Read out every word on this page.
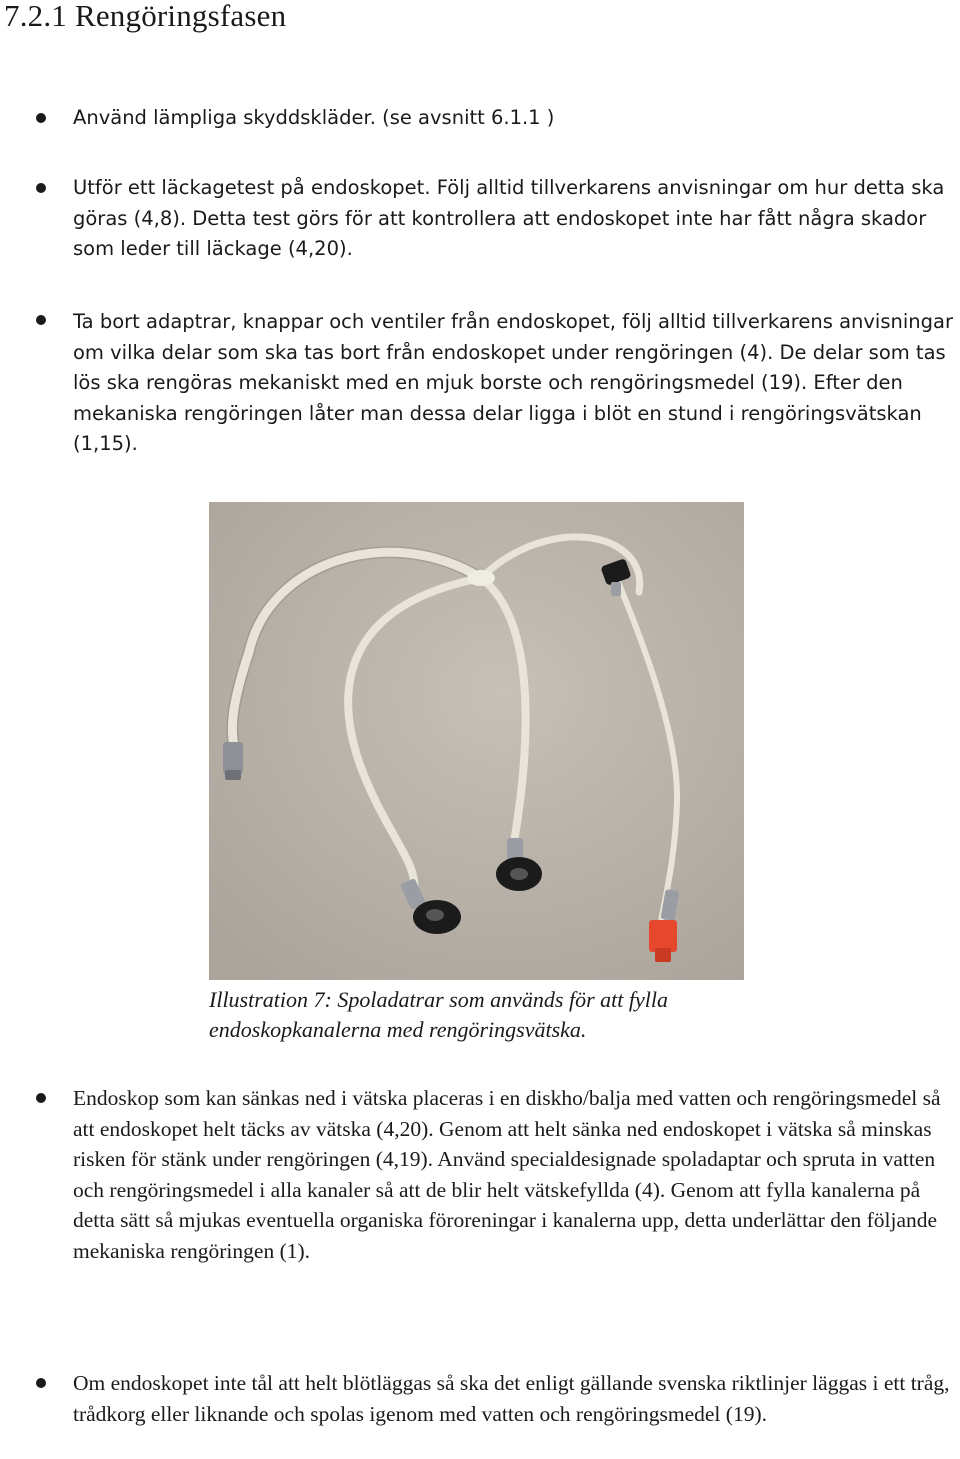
7.2.1 Rengöringsfasen

Använd lämpliga skyddskläder. (se avsnitt 6.1.1 )

Utför ett läckagetest på endoskopet. Följ alltid tillverkarens anvisningar om hur detta ska göras (4,8). Detta test görs för att kontrollera att endoskopet inte har fått några skador som leder till läckage (4,20).

Ta bort adaptrar, knappar och ventiler från endoskopet, följ alltid tillverkarens anvisningar om vilka delar som ska tas bort från endoskopet under rengöringen (4). De delar som tas lös ska rengöras mekaniskt med en mjuk borste och rengöringsmedel (19). Efter den mekaniska rengöringen låter man dessa delar ligga i blöt en stund i rengöringsvätskan (1,15).

Illustration 7: Spoladatrar som används för att fylla endoskopkanalerna med rengöringsvätska.

Endoskop som kan sänkas ned i vätska placeras i en diskho/balja med vatten och rengöringsmedel så att endoskopet helt täcks av vätska (4,20). Genom att helt sänka ned endoskopet i vätska så minskas risken för stänk under rengöringen (4,19). Använd specialdesignade spoladaptar och spruta in vatten och rengöringsmedel i alla kanaler så att de blir helt vätskefyllda (4). Genom att fylla kanalerna på detta sätt så mjukas eventuella organiska föroreningar i kanalerna upp, detta underlättar den följande mekaniska rengöringen (1).

Om endoskopet inte tål att helt blötläggas så ska det enligt gällande svenska riktlinjer läggas i ett tråg, trådkorg eller liknande och spolas igenom med vatten och rengöringsmedel (19).
